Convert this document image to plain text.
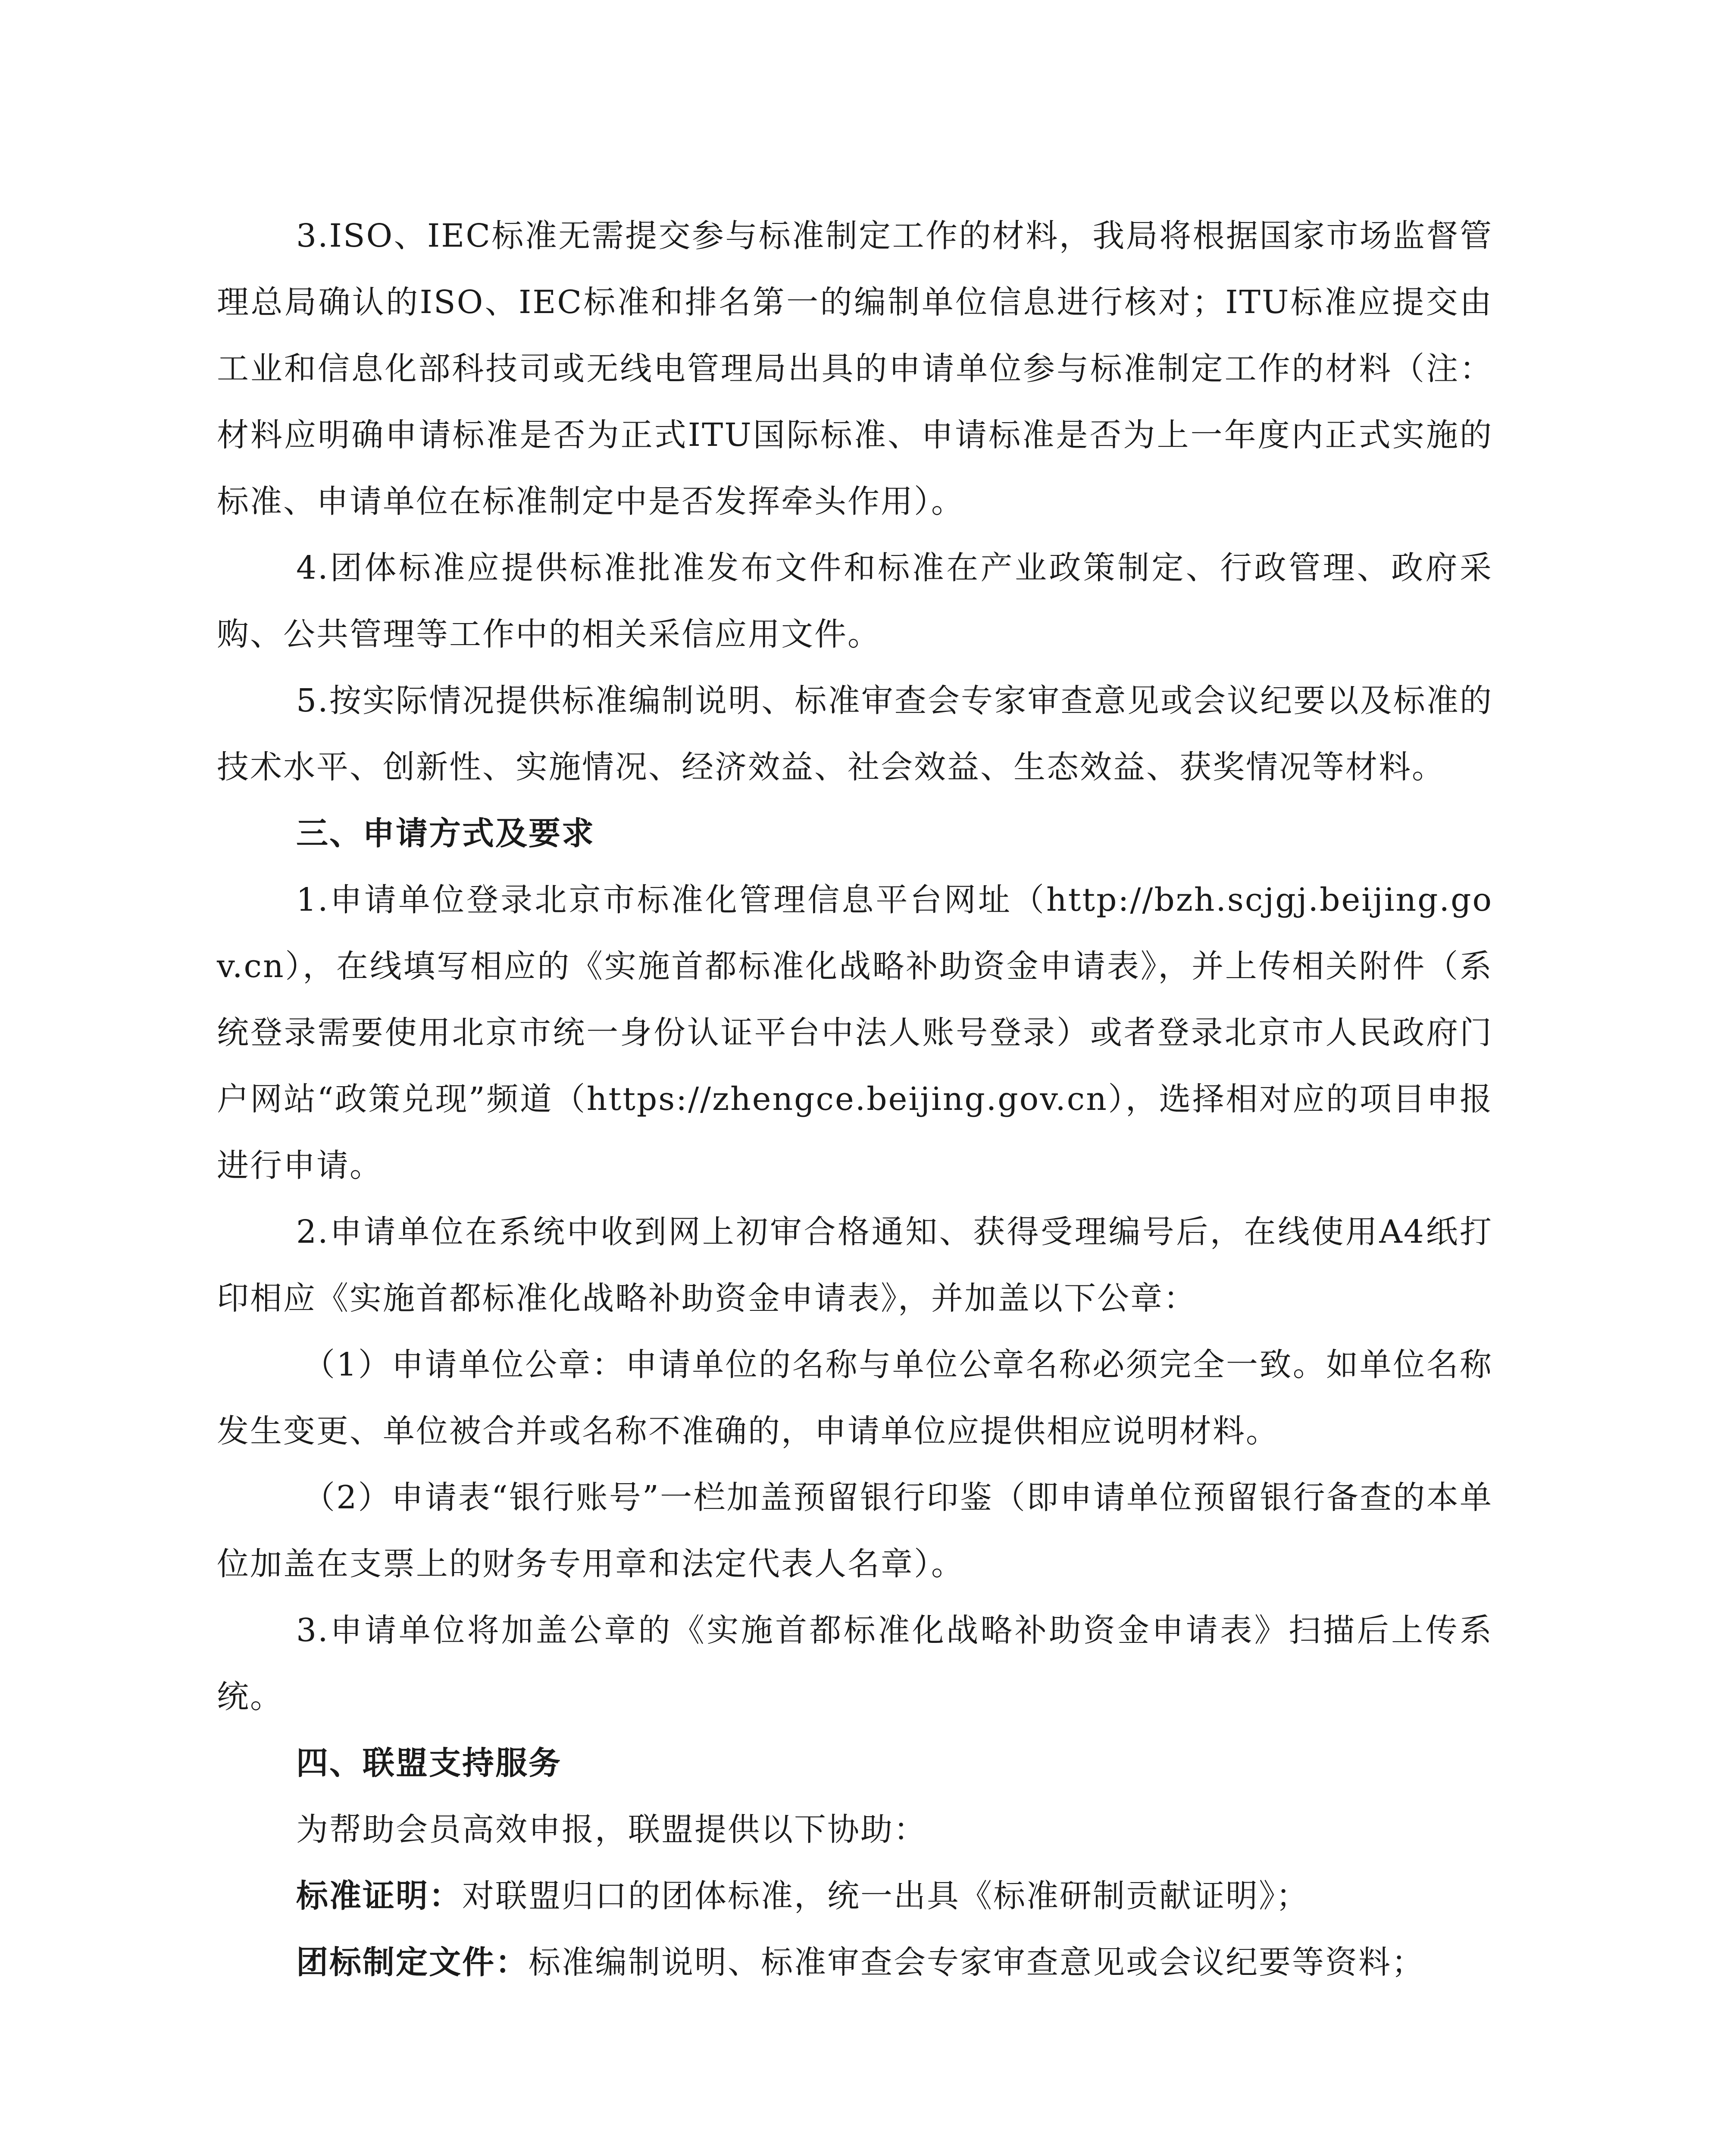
3.ISO、IEC标准无需提交参与标准制定工作的材料，我局将根据国家市场监督管理总局确认的ISO、IEC标准和排名第一的编制单位信息进行核对；ITU标准应提交由工业和信息化部科技司或无线电管理局出具的申请单位参与标准制定工作的材料（注：材料应明确申请标准是否为正式ITU国际标准、申请标准是否为上一年度内正式实施的标准、申请单位在标准制定中是否发挥牵头作用）。

4.团体标准应提供标准批准发布文件和标准在产业政策制定、行政管理、政府采购、公共管理等工作中的相关采信应用文件。

5.按实际情况提供标准编制说明、标准审查会专家审查意见或会议纪要以及标准的技术水平、创新性、实施情况、经济效益、社会效益、生态效益、获奖情况等材料。

三、申请方式及要求

1.申请单位登录北京市标准化管理信息平台网址（http://bzh.scjgj.beijing.gov.cn），在线填写相应的《实施首都标准化战略补助资金申请表》，并上传相关附件（系统登录需要使用北京市统一身份认证平台中法人账号登录）或者登录北京市人民政府门户网站“政策兑现”频道（https://zhengce.beijing.gov.cn），选择相对应的项目申报进行申请。

2.申请单位在系统中收到网上初审合格通知、获得受理编号后，在线使用A4纸打印相应《实施首都标准化战略补助资金申请表》，并加盖以下公章：

（1）申请单位公章：申请单位的名称与单位公章名称必须完全一致。如单位名称发生变更、单位被合并或名称不准确的，申请单位应提供相应说明材料。

（2）申请表“银行账号”一栏加盖预留银行印鉴（即申请单位预留银行备查的本单位加盖在支票上的财务专用章和法定代表人名章）。

3.申请单位将加盖公章的《实施首都标准化战略补助资金申请表》扫描后上传系统。

四、联盟支持服务

为帮助会员高效申报，联盟提供以下协助：

标准证明：对联盟归口的团体标准，统一出具《标准研制贡献证明》；

团标制定文件：标准编制说明、标准审查会专家审查意见或会议纪要等资料；
